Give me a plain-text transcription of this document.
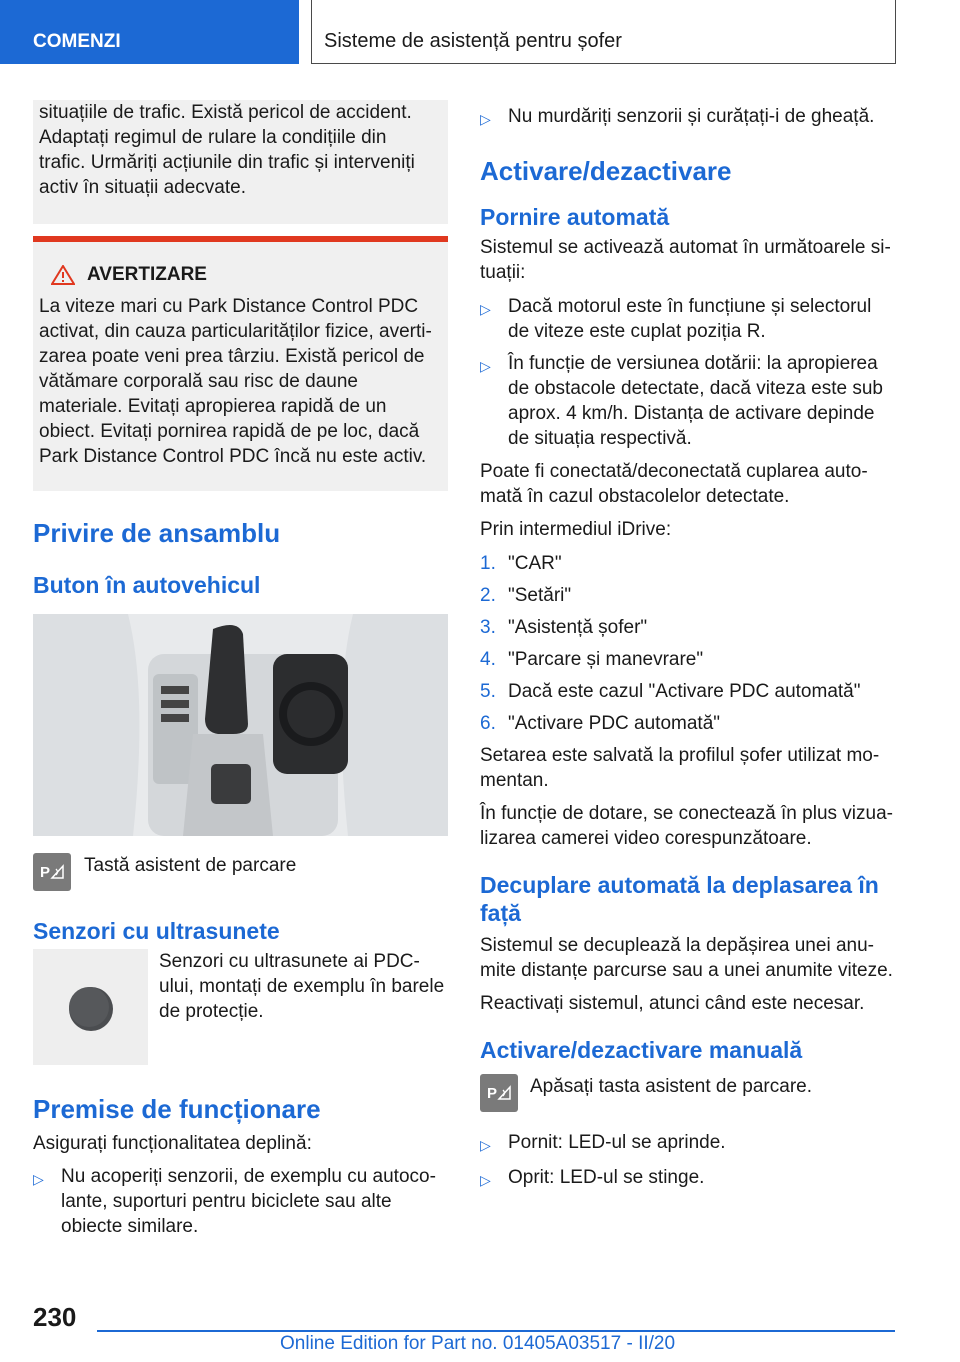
COMENZI	Sisteme de asistență pentru șofer

situațiile de trafic. Există pericol de accident. Adaptați regimul de rulare la condițiile din trafic. Urmăriți acțiunile din trafic și interveniți activ în situații adecvate.

AVERTIZARE

La viteze mari cu Park Distance Control PDC activat, din cauza particularităților fizice, averti-zarea poate veni prea târziu. Există pericol de vătămare corporală sau risc de daune materiale. Evitați apropierea rapidă de un obiect. Evitați pornirea rapidă de pe loc, dacă Park Distance Control PDC încă nu este activ.

Privire de ansamblu
Buton în autovehicul
P Tastă asistent de parcare
Senzori cu ultrasunete

Senzori cu ultrasunete ai PDC-ului, montați de exemplu în barele de protecție.

Premise de funcționare

Asigurați funcționalitatea deplină:

▷ Nu acoperiți senzorii, de exemplu cu autoco-lante, suporturi pentru biciclete sau alte obiecte similare.
▷ Nu murdăriți senzorii și curățați-i de gheață.
Activare/dezactivare
Pornire automată

Sistemul se activează automat în următoarele si-tuații:

▷ Dacă motorul este în funcțiune și selectorul de viteze este cuplat poziția R.
▷ În funcție de versiunea dotării: la apropierea de obstacole detectate, dacă viteza este sub aprox. 4 km/h. Distanța de activare depinde de situația respectivă.

Poate fi conectată/deconectată cuplarea auto-mată în cazul obstacolelor detectate.

Prin intermediul iDrive:

1. "CAR"
2. "Setări"
3. "Asistență șofer"
4. "Parcare și manevrare"
5. Dacă este cazul "Activare PDC automată"
6. "Activare PDC automată"

Setarea este salvată la profilul șofer utilizat mo-mentan.

În funcție de dotare, se conectează în plus vizua-lizarea camerei video corespunzătoare.

Decuplare automată la deplasarea în față

Sistemul se decuplează la depășirea unei anu-mite distanțe parcurse sau a unei anumite viteze.

Reactivați sistemul, atunci când este necesar.

Activare/dezactivare manuală
P Apăsați tasta asistent de parcare.
▷ Pornit: LED-ul se aprinde.
▷ Oprit: LED-ul se stinge.
230
Online Edition for Part no. 01405A03517 - II/20
